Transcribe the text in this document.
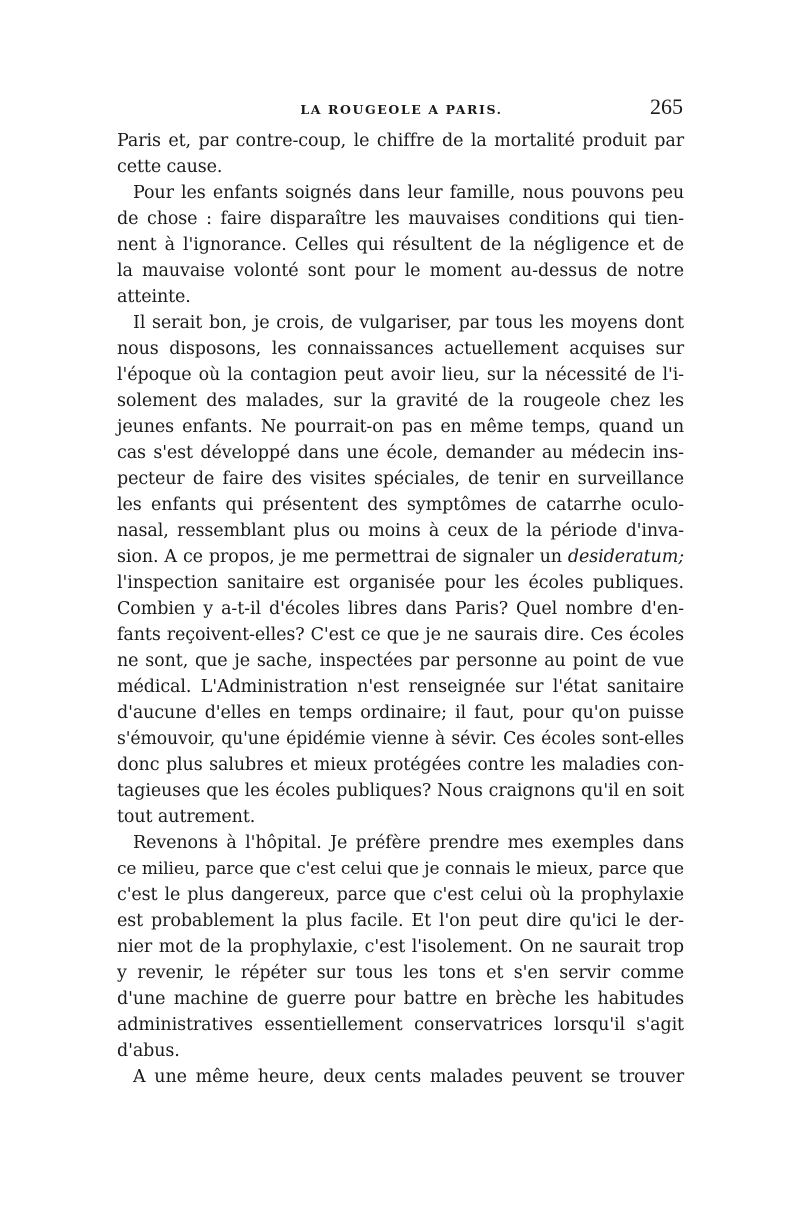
LA ROUGEOLE A PARIS.	265
Paris et, par contre-coup, le chiffre de la mortalité produit par
cette cause.
Pour les enfants soignés dans leur famille, nous pouvons peu
de chose : faire disparaître les mauvaises conditions qui tien-
nent à l'ignorance. Celles qui résultent de la négligence et de
la mauvaise volonté sont pour le moment au-dessus de notre
atteinte.
Il serait bon, je crois, de vulgariser, par tous les moyens dont
nous disposons, les connaissances actuellement acquises sur
l'époque où la contagion peut avoir lieu, sur la nécessité de l'i-
solement des malades, sur la gravité de la rougeole chez les
jeunes enfants. Ne pourrait-on pas en même temps, quand un
cas s'est développé dans une école, demander au médecin ins-
pecteur de faire des visites spéciales, de tenir en surveillance
les enfants qui présentent des symptômes de catarrhe oculo-
nasal, ressemblant plus ou moins à ceux de la période d'inva-
sion. A ce propos, je me permettrai de signaler un desideratum;
l'inspection sanitaire est organisée pour les écoles publiques.
Combien y a-t-il d'écoles libres dans Paris? Quel nombre d'en-
fants reçoivent-elles? C'est ce que je ne saurais dire. Ces écoles
ne sont, que je sache, inspectées par personne au point de vue
médical. L'Administration n'est renseignée sur l'état sanitaire
d'aucune d'elles en temps ordinaire; il faut, pour qu'on puisse
s'émouvoir, qu'une épidémie vienne à sévir. Ces écoles sont-elles
donc plus salubres et mieux protégées contre les maladies con-
tagieuses que les écoles publiques? Nous craignons qu'il en soit
tout autrement.
Revenons à l'hôpital. Je préfère prendre mes exemples dans
ce milieu, parce que c'est celui que je connais le mieux, parce que
c'est le plus dangereux, parce que c'est celui où la prophylaxie
est probablement la plus facile. Et l'on peut dire qu'ici le der-
nier mot de la prophylaxie, c'est l'isolement. On ne saurait trop
y revenir, le répéter sur tous les tons et s'en servir comme
d'une machine de guerre pour battre en brèche les habitudes
administratives essentiellement conservatrices lorsqu'il s'agit
d'abus.
A une même heure, deux cents malades peuvent se trouver
